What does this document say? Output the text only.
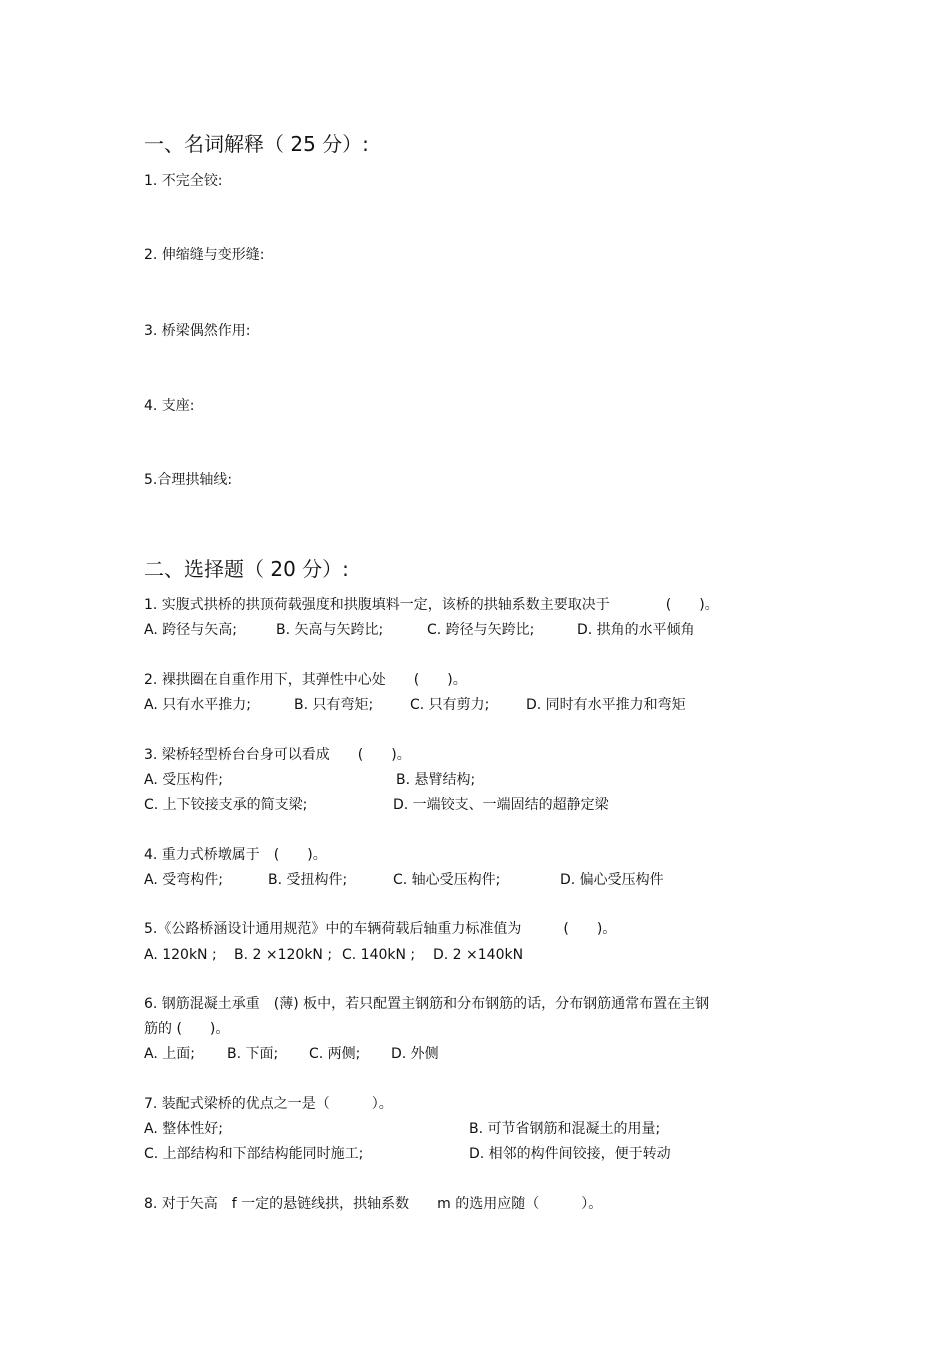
一、名词解释（ 25 分）:
1. 不完全铰:
2. 伸缩缝与变形缝:
3. 桥梁偶然作用:
4. 支座:
5.合理拱轴线:
二、选择题（ 20 分）:
1. 实腹式拱桥的拱顶荷载强度和拱腹填料一定，该桥的拱轴系数主要取决于　　　　(　　)。
A. 跨径与矢高;	B. 矢高与矢跨比;	C. 跨径与矢跨比;	D. 拱角的水平倾角
2. 裸拱圈在自重作用下，其弹性中心处　　(　　)。
A. 只有水平推力;	B. 只有弯矩;	C. 只有剪力;	D. 同时有水平推力和弯矩
3. 梁桥轻型桥台台身可以看成　　(　　)。
A. 受压构件;	B. 悬臂结构;
C. 上下铰接支承的简支梁;	D. 一端铰支、一端固结的超静定梁
4. 重力式桥墩属于　(　　)。
A. 受弯构件;	B. 受扭构件;	C. 轴心受压构件;	D. 偏心受压构件
5.《公路桥涵设计通用规范》中的车辆荷载后轴重力标准值为　　　(　　)。
A. 120kN ; B. 2 ×120kN ; C. 140kN ; D. 2 ×140kN
6. 钢筋混凝土承重　(薄) 板中，若只配置主钢筋和分布钢筋的话，分布钢筋通常布置在主钢
筋的 (　　)。
A. 上面; B. 下面; C. 两侧; D. 外侧
7. 装配式梁桥的优点之一是（　　　）。
A. 整体性好;	B. 可节省钢筋和混凝土的用量;
C. 上部结构和下部结构能同时施工;	D. 相邻的构件间铰接，便于转动
8. 对于矢高　f 一定的悬链线拱，拱轴系数　　m 的选用应随（　　　）。
